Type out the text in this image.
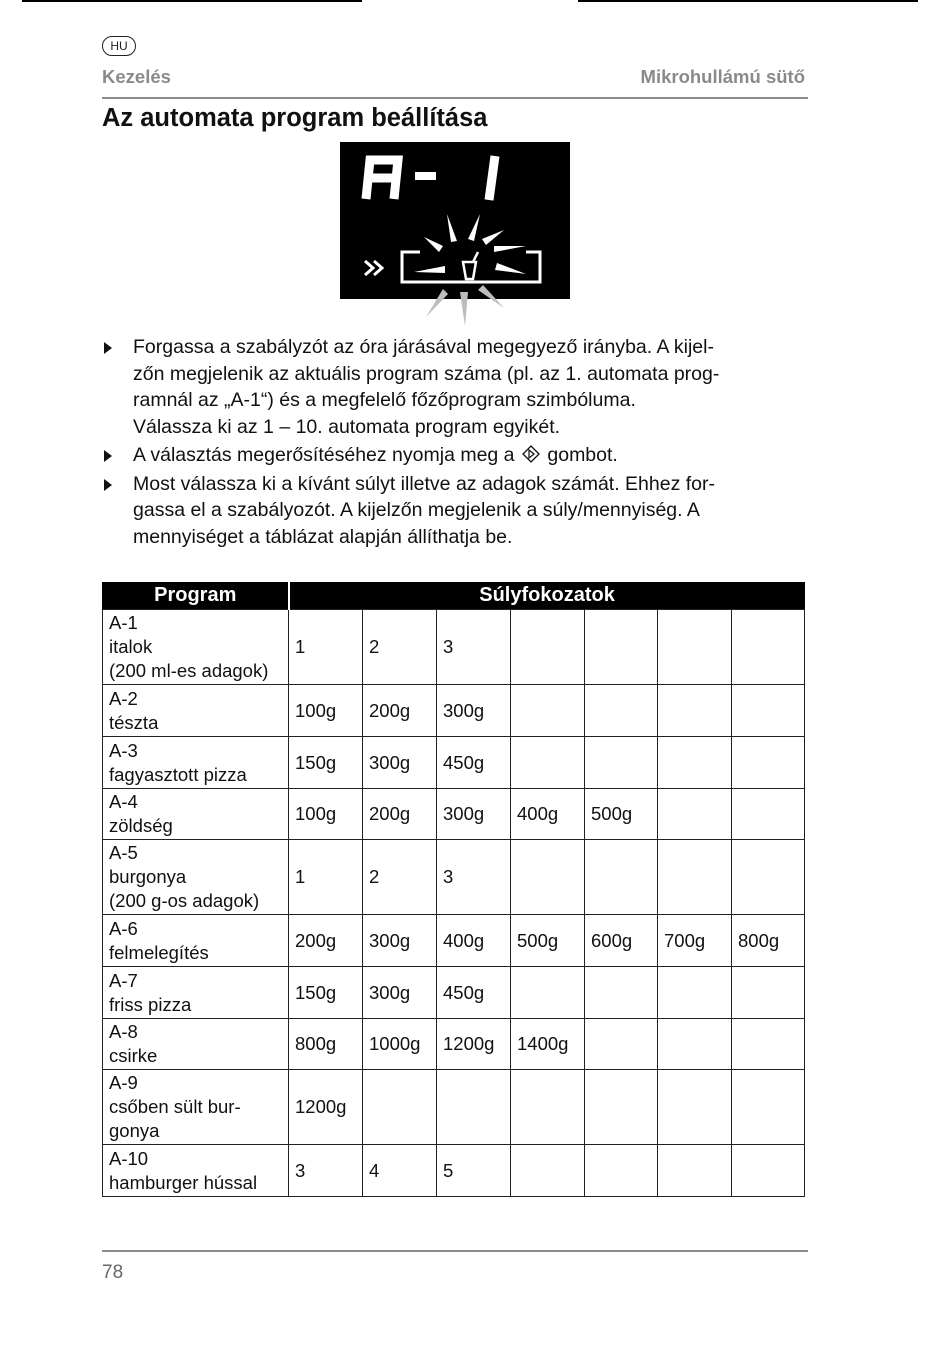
HU
Kezelés	Mikrohullámú sütő
Az automata program beállítása
Forgassa a szabályzót az óra járásával megegyező irányba. A kijel-
zőn megjelenik az aktuális program száma (pl. az 1. automata prog-
ramnál az „A-1“) és a megfelelő főzőprogram szimbóluma.
Válassza ki az 1 – 10. automata program egyikét.
A választás megerősítéséhez nyomja meg a gombot.
Most válassza ki a kívánt súlyt illetve az adagok számát. Ehhez for-
gassa el a szabályozót. A kijelzőn megjelenik a súly/mennyiség. A
mennyiséget a táblázat alapján állíthatja be.
Program	Súlyfokozatok						

A-1
italok
(200 ml-es adagok)	1	2	3				

A-2
tészta	100g	200g	300g				

A-3
fagyasztott pizza	150g	300g	450g				

A-4
zöldség	100g	200g	300g	400g	500g		

A-5
burgonya
(200 g-os adagok)	1	2	3				

A-6
felmelegítés	200g	300g	400g	500g	600g	700g	800g

A-7
friss pizza	150g	300g	450g				

A-8
csirke	800g	1000g	1200g	1400g			

A-9
csőben sült bur-
gonya	1200g						

A-10
hamburger hússal	3	4	5				
78
